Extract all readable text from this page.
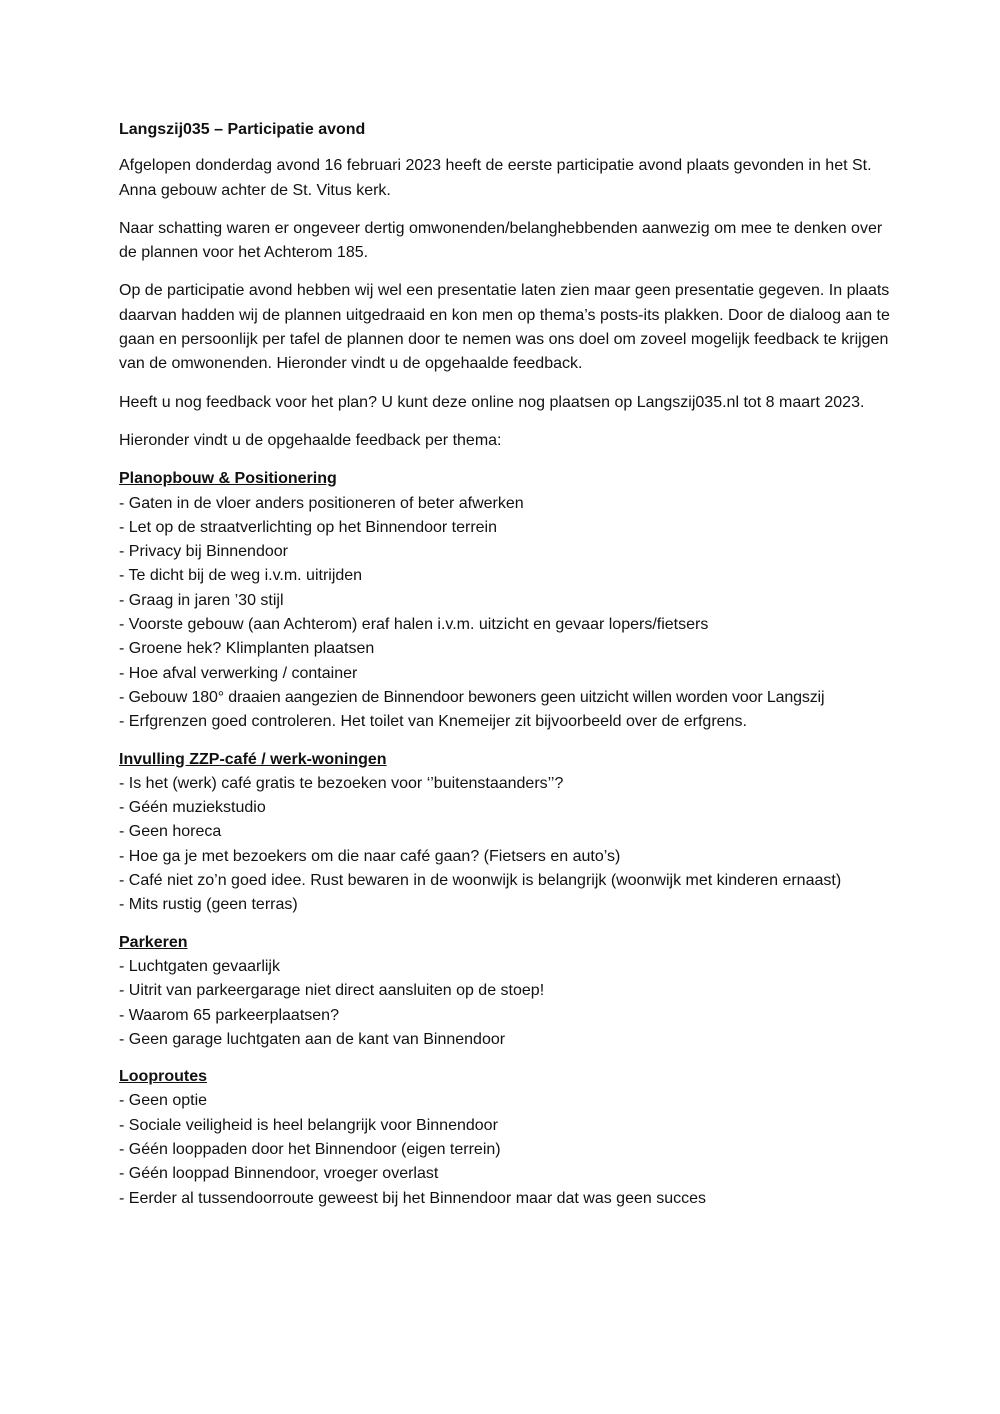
Langszij035 – Participatie avond

Afgelopen donderdag avond 16 februari 2023 heeft de eerste participatie avond plaats gevonden in het St. Anna gebouw achter de St. Vitus kerk.

Naar schatting waren er ongeveer dertig omwonenden/belanghebbenden aanwezig om mee te denken over de plannen voor het Achterom 185.

Op de participatie avond hebben wij wel een presentatie laten zien maar geen presentatie gegeven. In plaats daarvan hadden wij de plannen uitgedraaid en kon men op thema’s posts-its plakken. Door de dialoog aan te gaan en persoonlijk per tafel de plannen door te nemen was ons doel om zoveel mogelijk feedback te krijgen van de omwonenden. Hieronder vindt u de opgehaalde feedback.

Heeft u nog feedback voor het plan? U kunt deze online nog plaatsen op Langszij035.nl tot 8 maart 2023.

Hieronder vindt u de opgehaalde feedback per thema:

Planopbouw & Positionering

- Gaten in de vloer anders positioneren of beter afwerken

- Let op de straatverlichting op het Binnendoor terrein

- Privacy bij Binnendoor

- Te dicht bij de weg i.v.m. uitrijden

- Graag in jaren ’30 stijl

- Voorste gebouw (aan Achterom) eraf halen i.v.m. uitzicht en gevaar lopers/fietsers

- Groene hek? Klimplanten plaatsen

- Hoe afval verwerking / container

- Gebouw 180° draaien aangezien de Binnendoor bewoners geen uitzicht willen worden voor Langszij

- Erfgrenzen goed controleren. Het toilet van Knemeijer zit bijvoorbeeld over de erfgrens.

Invulling ZZP-café / werk-woningen

- Is het (werk) café gratis te bezoeken voor ‘’buitenstaanders’’?

- Géén muziekstudio

- Geen horeca

- Hoe ga je met bezoekers om die naar café gaan? (Fietsers en auto’s)

- Café niet zo’n goed idee. Rust bewaren in de woonwijk is belangrijk (woonwijk met kinderen ernaast)

- Mits rustig (geen terras)

Parkeren

- Luchtgaten gevaarlijk

- Uitrit van parkeergarage niet direct aansluiten op de stoep!

- Waarom 65 parkeerplaatsen?

- Geen garage luchtgaten aan de kant van Binnendoor

Looproutes

- Geen optie

- Sociale veiligheid is heel belangrijk voor Binnendoor

- Géén looppaden door het Binnendoor (eigen terrein)

- Géén looppad Binnendoor, vroeger overlast

- Eerder al tussendoorroute geweest bij het Binnendoor maar dat was geen succes
